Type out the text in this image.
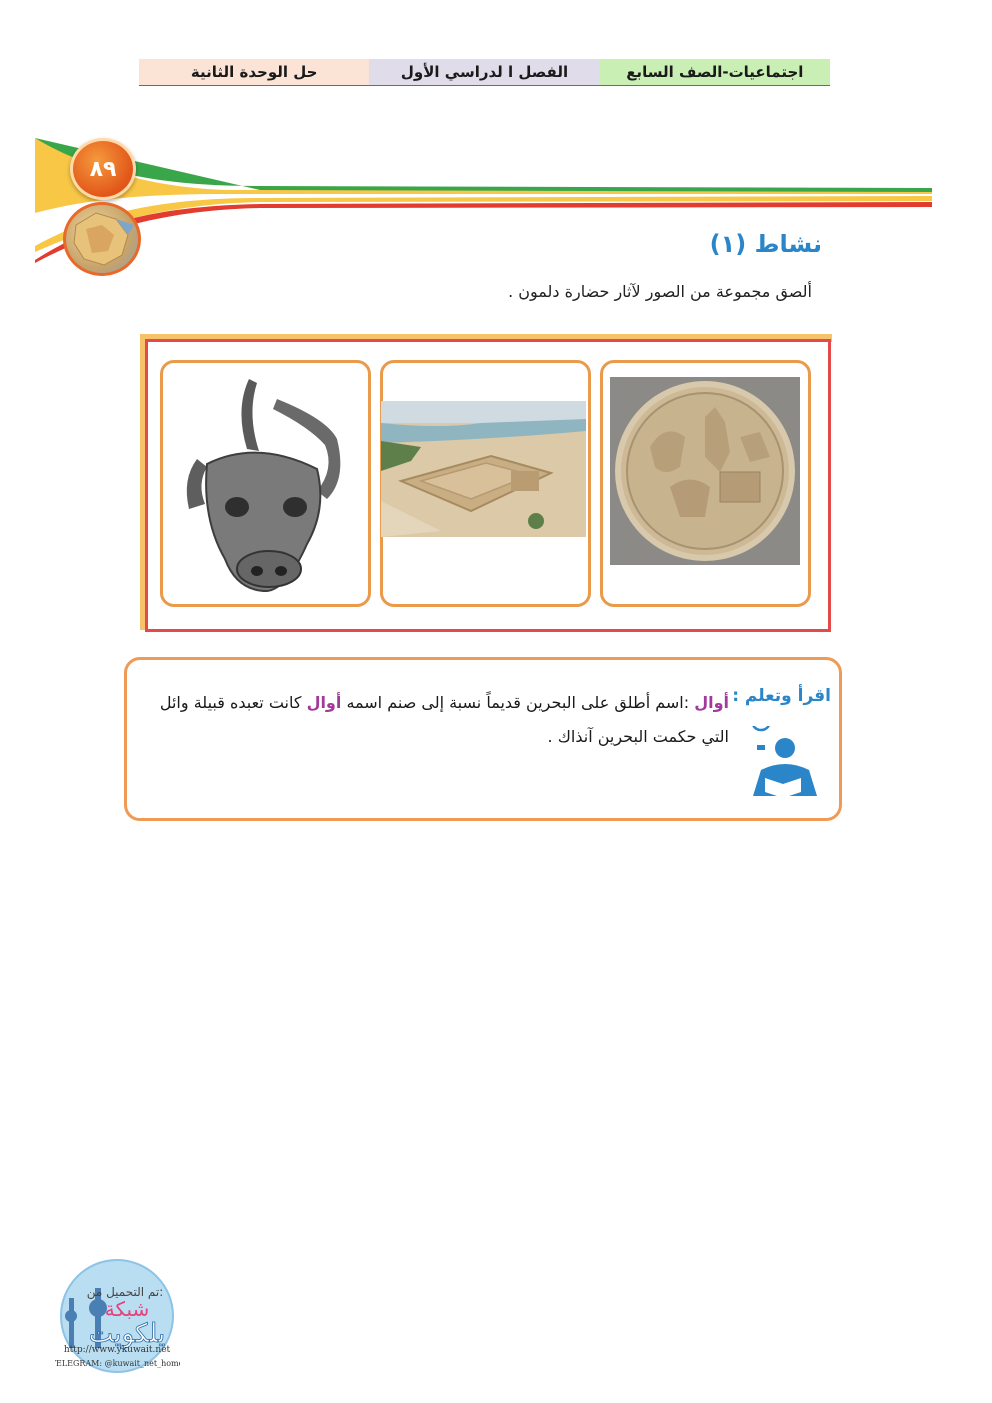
حل الوحدة الثانية	الفصل ا لدراسي الأول	اجتماعيات-الصف السابع
٨٩
نشاط (١)
ألصق مجموعة من الصور لآثار حضارة دلمون .
اقرأ وتعلم :
أوال :اسم أطلق على البحرين قديماً نسبة إلى صنم اسمه أوال كانت تعبده قبيلة وائل التي حكمت البحرين آنذاك .
تم التحميل من:
شبكة
يلكويت
http://www.ykuwait.net
TELEGRAM: @kuwait_net_home
